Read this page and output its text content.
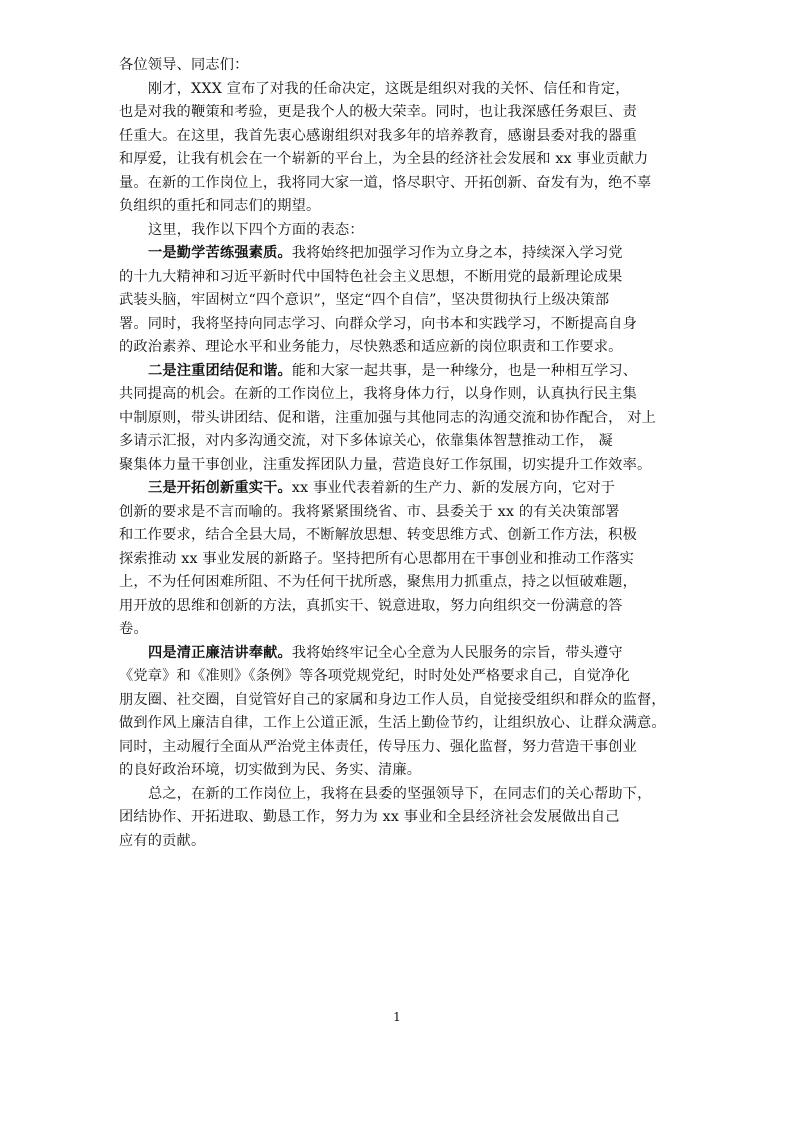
各位领导、同志们：
刚才，XXX 宣布了对我的任命决定，这既是组织对我的关怀、信任和肯定，
也是对我的鞭策和考验，更是我个人的极大荣幸。同时，也让我深感任务艰巨、责
任重大。在这里，我首先衷心感谢组织对我多年的培养教育，感谢县委对我的器重
和厚爱，让我有机会在一个崭新的平台上，为全县的经济社会发展和 xx 事业贡献力
量。在新的工作岗位上，我将同大家一道，恪尽职守、开拓创新、奋发有为，绝不辜
负组织的重托和同志们的期望。
这里，我作以下四个方面的表态：
一是勤学苦练强素质。我将始终把加强学习作为立身之本，持续深入学习党
的十九大精神和习近平新时代中国特色社会主义思想，不断用党的最新理论成果
武装头脑，牢固树立“四个意识”，坚定“四个自信”，坚决贯彻执行上级决策部
署。同时，我将坚持向同志学习、向群众学习，向书本和实践学习，不断提高自身
的政治素养、理论水平和业务能力，尽快熟悉和适应新的岗位职责和工作要求。
二是注重团结促和谐。能和大家一起共事，是一种缘分，也是一种相互学习、
共同提高的机会。在新的工作岗位上，我将身体力行，以身作则，认真执行民主集
中制原则，带头讲团结、促和谐，注重加强与其他同志的沟通交流和协作配合， 对上
多请示汇报，对内多沟通交流，对下多体谅关心，依靠集体智慧推动工作， 凝
聚集体力量干事创业，注重发挥团队力量，营造良好工作氛围，切实提升工作效率。
三是开拓创新重实干。xx 事业代表着新的生产力、新的发展方向，它对于
创新的要求是不言而喻的。我将紧紧围绕省、市、县委关于 xx 的有关决策部署
和工作要求，结合全县大局，不断解放思想、转变思维方式、创新工作方法，积极
探索推动 xx 事业发展的新路子。坚持把所有心思都用在干事创业和推动工作落实
上，不为任何困难所阻、不为任何干扰所惑，聚焦用力抓重点，持之以恒破难题，
用开放的思维和创新的方法，真抓实干、锐意进取，努力向组织交一份满意的答
卷。
四是清正廉洁讲奉献。我将始终牢记全心全意为人民服务的宗旨，带头遵守
《党章》和《准则》《条例》等各项党规党纪，时时处处严格要求自己，自觉净化
朋友圈、社交圈，自觉管好自己的家属和身边工作人员，自觉接受组织和群众的监督，
做到作风上廉洁自律，工作上公道正派，生活上勤俭节约，让组织放心、让群众满意。
同时，主动履行全面从严治党主体责任，传导压力、强化监督，努力营造干事创业
的良好政治环境，切实做到为民、务实、清廉。
总之，在新的工作岗位上，我将在县委的坚强领导下，在同志们的关心帮助下，
团结协作、开拓进取、勤恳工作，努力为 xx 事业和全县经济社会发展做出自己
应有的贡献。
1
